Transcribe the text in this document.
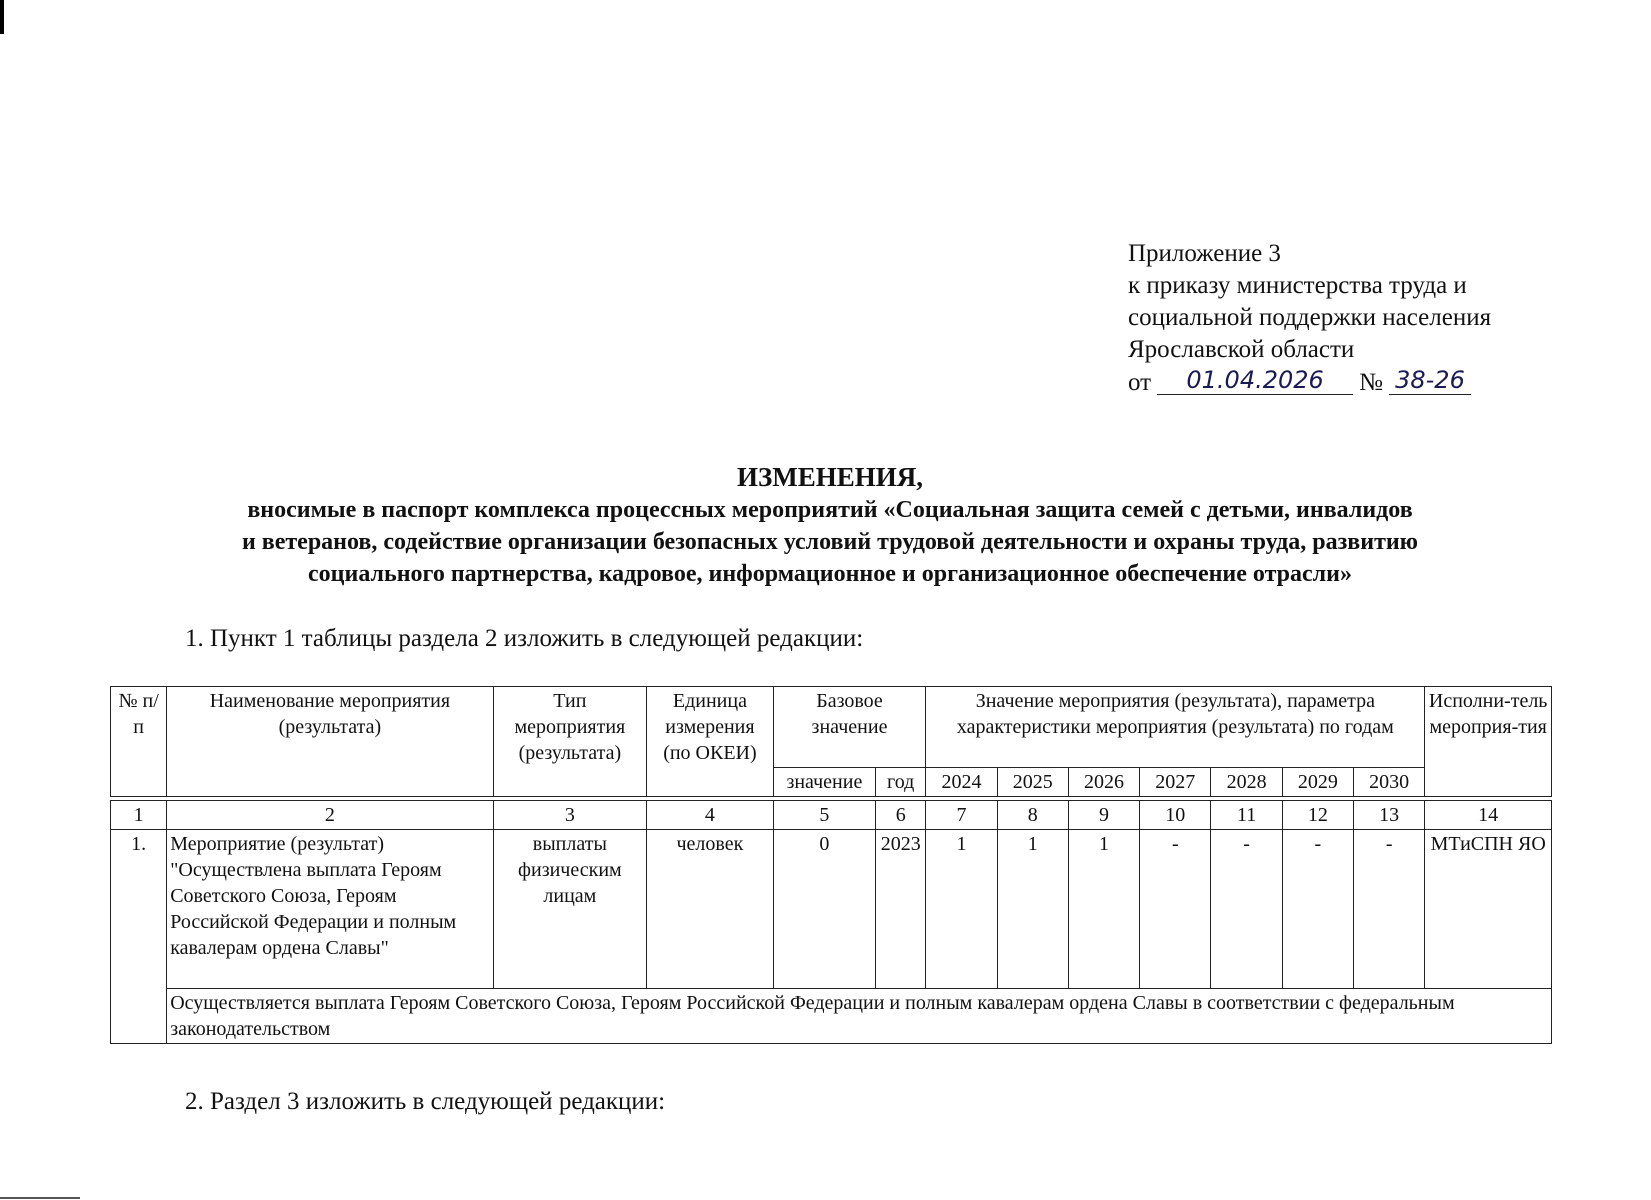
Приложение 3
к приказу министерства труда и
социальной поддержки населения
Ярославской области
от	01.04.2026	№ 38-26
ИЗМЕНЕНИЯ,
вносимые в паспорт комплекса процессных мероприятий «Социальная защита семей с детьми, инвалидов
и ветеранов, содействие организации безопасных условий трудовой деятельности и охраны труда, развитию
социального партнерства, кадровое, информационное и организационное обеспечение отрасли»
1. Пункт 1 таблицы раздела 2 изложить в следующей редакции:
№ п/п	Наименование мероприятия (результата)	Тип мероприятия (результата)	Единица измерения (по ОКЕИ)	Базовое значение		Значение мероприятия (результата), параметра характеристики мероприятия (результата) по годам							Исполни-тель мероприя-тия
				значение	год	2024	2025	2026	2027	2028	2029	2030	

1	2	3	4	5	6	7	8	9	10	11	12	13	14
1.	Мероприятие (результат) "Осуществлена выплата Героям Советского Союза, Героям Российской Федерации и полным кавалерам ордена Славы"	выплаты физическим лицам	человек	0	2023	1	1	1	-	-	-	-	МТиСПН ЯО
	Осуществляется выплата Героям Советского Союза, Героям Российской Федерации и полным кавалерам ордена Славы в соответствии с федеральным законодательством												
2. Раздел 3 изложить в следующей редакции:
